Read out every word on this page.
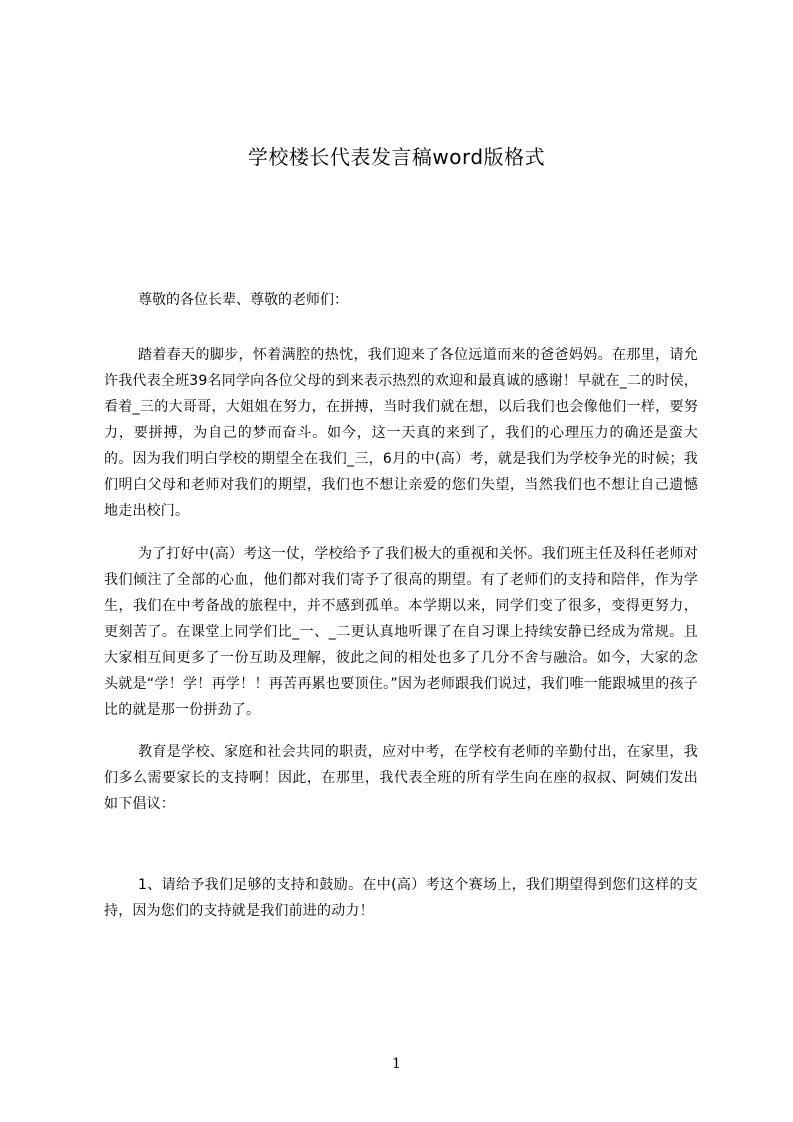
学校楼长代表发言稿word版格式

尊敬的各位长辈、尊敬的老师们：

踏着春天的脚步，怀着满腔的热忱，我们迎来了各位远道而来的爸爸妈妈。在那里，请允许我代表全班39名同学向各位父母的到来表示热烈的欢迎和最真诚的感谢！早就在_二的时侯，看着_三的大哥哥，大姐姐在努力，在拼搏，当时我们就在想，以后我们也会像他们一样，要努力，要拼搏，为自己的梦而奋斗。如今，这一天真的来到了，我们的心理压力的确还是蛮大的。因为我们明白学校的期望全在我们_三，6月的中(高）考，就是我们为学校争光的时候；我们明白父母和老师对我们的期望，我们也不想让亲爱的您们失望，当然我们也不想让自己遗憾地走出校门。

为了打好中(高）考这一仗，学校给予了我们极大的重视和关怀。我们班主任及科任老师对我们倾注了全部的心血，他们都对我们寄予了很高的期望。有了老师们的支持和陪伴，作为学生，我们在中考备战的旅程中，并不感到孤单。本学期以来，同学们变了很多，变得更努力，更刻苦了。在课堂上同学们比_一、_二更认真地听课了在自习课上持续安静已经成为常规。且大家相互间更多了一份互助及理解，彼此之间的相处也多了几分不舍与融洽。如今，大家的念头就是“学！学！再学！！再苦再累也要顶住。”因为老师跟我们说过，我们唯一能跟城里的孩子比的就是那一份拼劲了。

教育是学校、家庭和社会共同的职责，应对中考，在学校有老师的辛勤付出，在家里，我们多么需要家长的支持啊！因此，在那里，我代表全班的所有学生向在座的叔叔、阿姨们发出如下倡议：

1、请给予我们足够的支持和鼓励。在中(高）考这个赛场上，我们期望得到您们这样的支持，因为您们的支持就是我们前进的动力！

1
